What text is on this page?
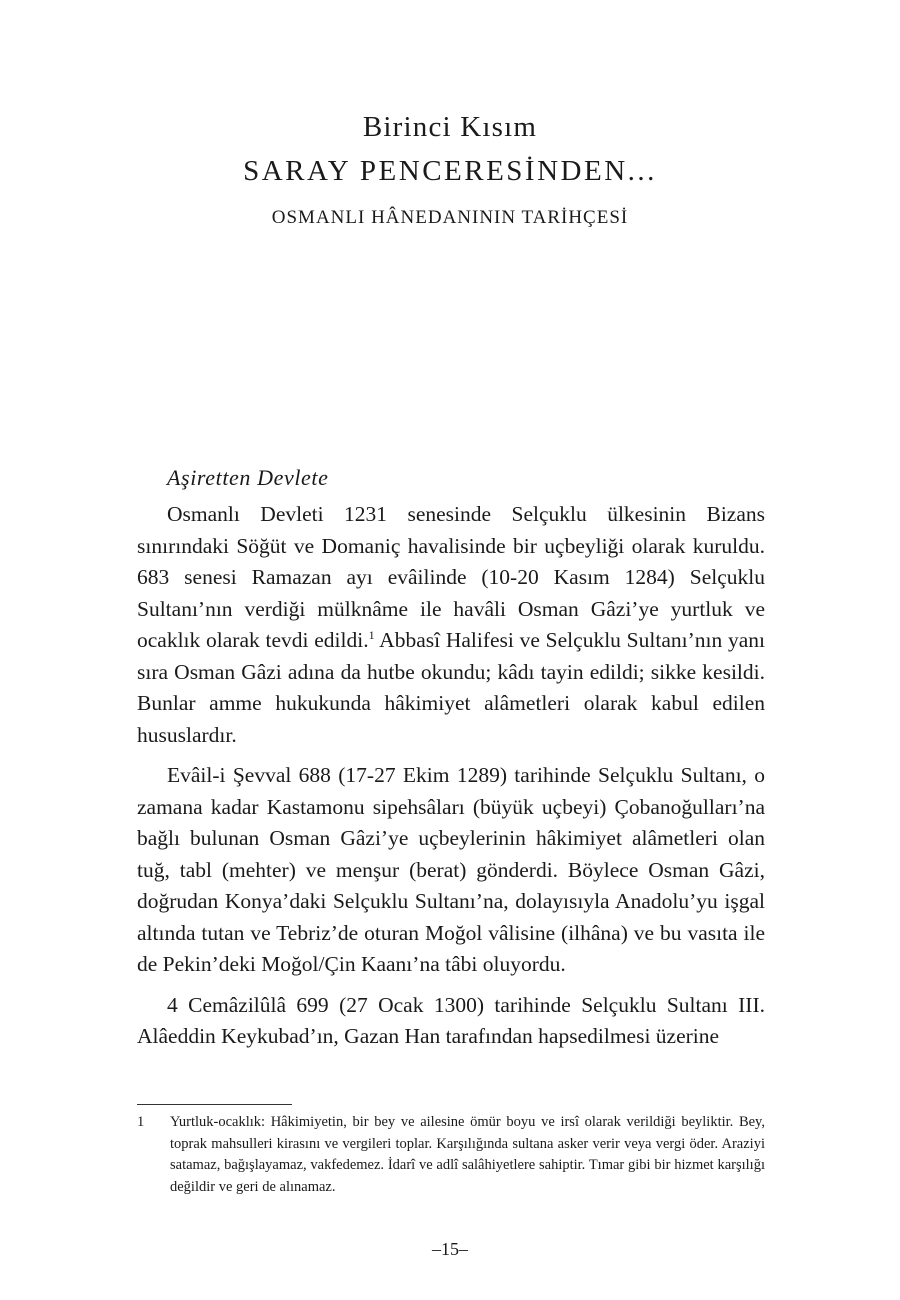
Birinci Kısım
SARAY PENCERESİNDEN...
OSMANLI HÂNEDANININ TARİHÇESİ
Aşiretten Devlete

Osmanlı Devleti 1231 senesinde Selçuklu ülkesinin Bizans sınırındaki Söğüt ve Domaniç havalisinde bir uçbeyliği olarak kuruldu. 683 senesi Ramazan ayı evâilinde (10-20 Kasım 1284) Selçuklu Sultanı’nın verdiği mülknâme ile havâli Osman Gâzi’ye yurtluk ve ocaklık olarak tevdi edildi.$^1$ Abbasî Halifesi ve Selçuklu Sultanı’nın yanı sıra Osman Gâzi adına da hutbe okundu; kâdı tayin edildi; sikke kesildi. Bunlar amme hukukunda hâkimiyet alâmetleri olarak kabul edilen hususlardır.

Evâil-i Şevval 688 (17-27 Ekim 1289) tarihinde Selçuklu Sultanı, o zamana kadar Kastamonu sipehsâları (büyük uçbeyi) Çobanoğulları’na bağlı bulunan Osman Gâzi’ye uçbeylerinin hâkimiyet alâmetleri olan tuğ, tabl (mehter) ve menşur (berat) gönderdi. Böylece Osman Gâzi, doğrudan Konya’daki Selçuklu Sultanı’na, dolayısıyla Anadolu’yu işgal altında tutan ve Tebriz’de oturan Moğol vâlisine (ilhâna) ve bu vasıta ile de Pekin’deki Moğol/Çin Kaanı’na tâbi oluyordu.

4 Cemâzilûlâ 699 (27 Ocak 1300) tarihinde Selçuklu Sultanı III. Alâeddin Keykubad’ın, Gazan Han tarafından hapsedilmesi üzerine

1 Yurtluk-ocaklık: Hâkimiyetin, bir bey ve ailesine ömür boyu ve irsî olarak verildiği beyliktir. Bey, toprak mahsulleri kirasını ve vergileri toplar. Karşılığında sultana asker verir veya vergi öder. Araziyi satamaz, bağışlayamaz, vakfedemez. İdarî ve adlî salâhiyetlere sahiptir. Tımar gibi bir hizmet karşılığı değildir ve geri de alınamaz.
–15–
